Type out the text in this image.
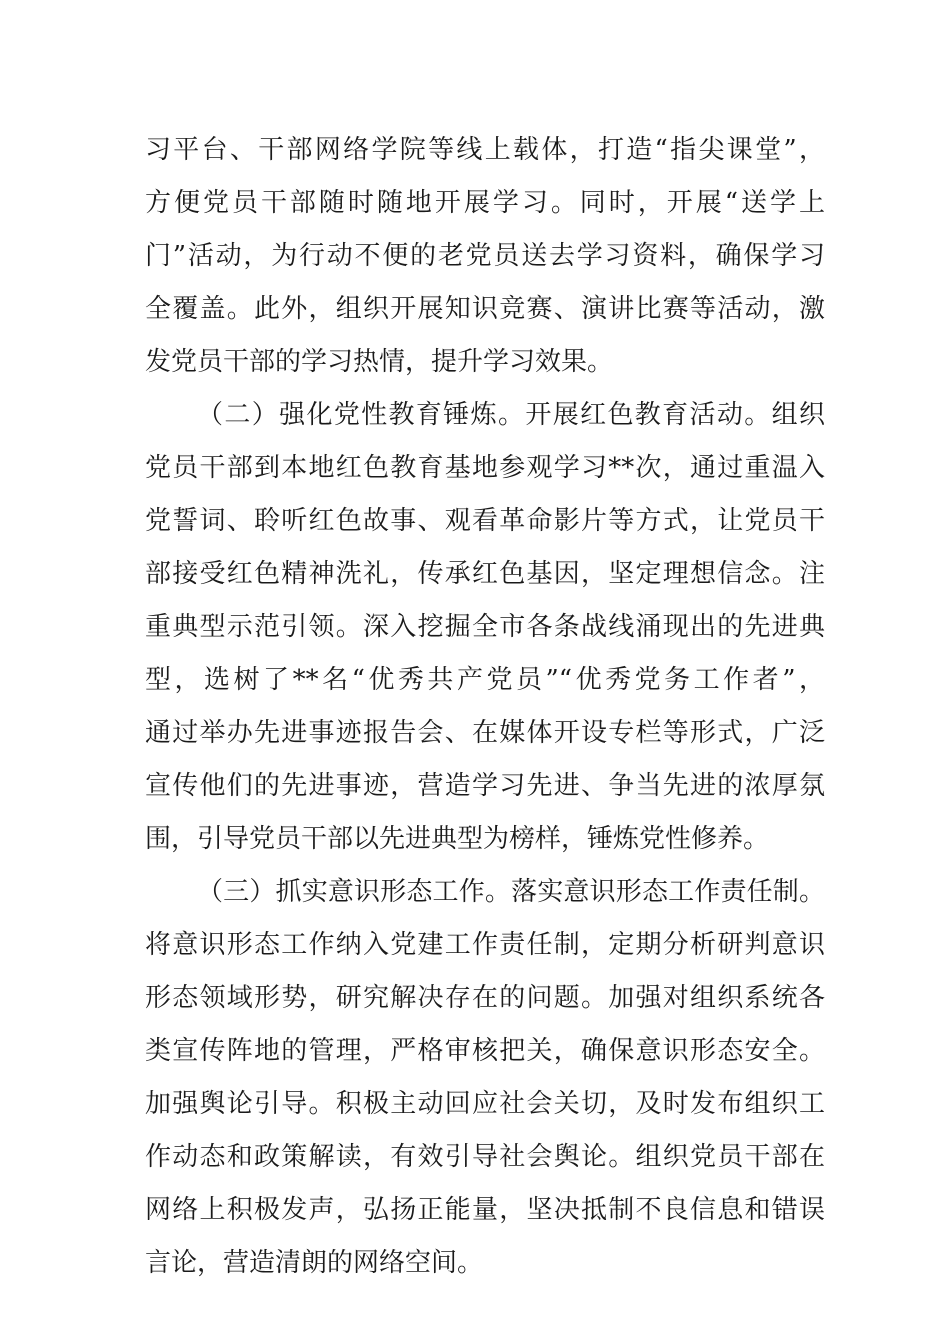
习平台、干部网络学院等线上载体，打造“指尖课堂”，
方便党员干部随时随地开展学习。同时，开展“送学上
门”活动，为行动不便的老党员送去学习资料，确保学习
全覆盖。此外，组织开展知识竞赛、演讲比赛等活动，激
发党员干部的学习热情，提升学习效果。
（二）强化党性教育锤炼。开展红色教育活动。组织
党员干部到本地红色教育基地参观学习**次，通过重温入
党誓词、聆听红色故事、观看革命影片等方式，让党员干
部接受红色精神洗礼，传承红色基因，坚定理想信念。注
重典型示范引领。深入挖掘全市各条战线涌现出的先进典
型，选树了**名“优秀共产党员”“优秀党务工作者”，
通过举办先进事迹报告会、在媒体开设专栏等形式，广泛
宣传他们的先进事迹，营造学习先进、争当先进的浓厚氛
围，引导党员干部以先进典型为榜样，锤炼党性修养。
（三）抓实意识形态工作。落实意识形态工作责任制。
将意识形态工作纳入党建工作责任制，定期分析研判意识
形态领域形势，研究解决存在的问题。加强对组织系统各
类宣传阵地的管理，严格审核把关，确保意识形态安全。
加强舆论引导。积极主动回应社会关切，及时发布组织工
作动态和政策解读，有效引导社会舆论。组织党员干部在
网络上积极发声，弘扬正能量，坚决抵制不良信息和错误
言论，营造清朗的网络空间。
